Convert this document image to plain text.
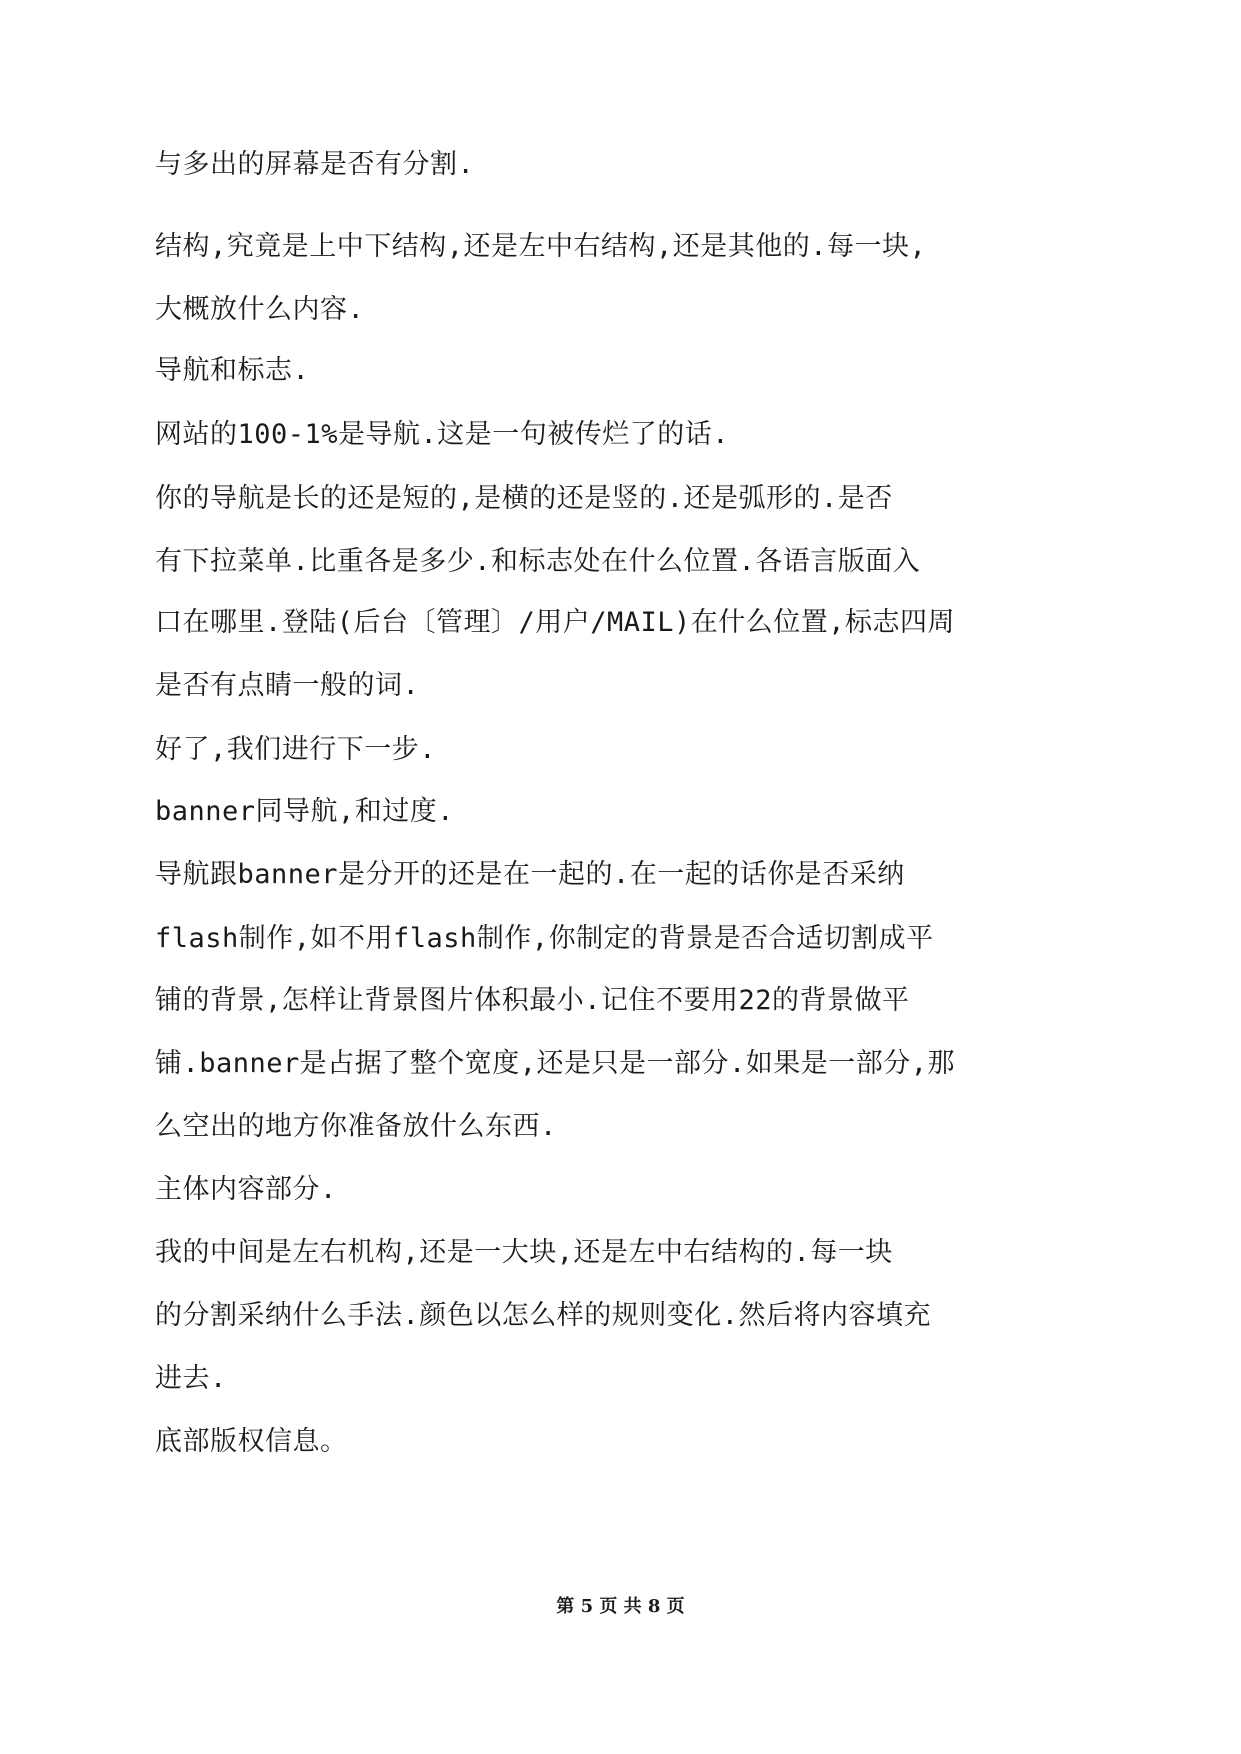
与多出的屏幕是否有分割.

结构,究竟是上中下结构,还是左中右结构,还是其他的.每一块,

大概放什么内容.

导航和标志.

网站的100-1%是导航.这是一句被传烂了的话.

你的导航是长的还是短的,是横的还是竖的.还是弧形的.是否

有下拉菜单.比重各是多少.和标志处在什么位置.各语言版面入

口在哪里.登陆(后台〔管理〕/用户/MAIL)在什么位置,标志四周

是否有点睛一般的词.

好了,我们进行下一步.

banner同导航,和过度.

导航跟banner是分开的还是在一起的.在一起的话你是否采纳

flash制作,如不用flash制作,你制定的背景是否合适切割成平

铺的背景,怎样让背景图片体积最小.记住不要用22的背景做平

铺.banner是占据了整个宽度,还是只是一部分.如果是一部分,那

么空出的地方你准备放什么东西.

主体内容部分.

我的中间是左右机构,还是一大块,还是左中右结构的.每一块

的分割采纳什么手法.颜色以怎么样的规则变化.然后将内容填充

进去.

底部版权信息。

第 5 页 共 8 页
